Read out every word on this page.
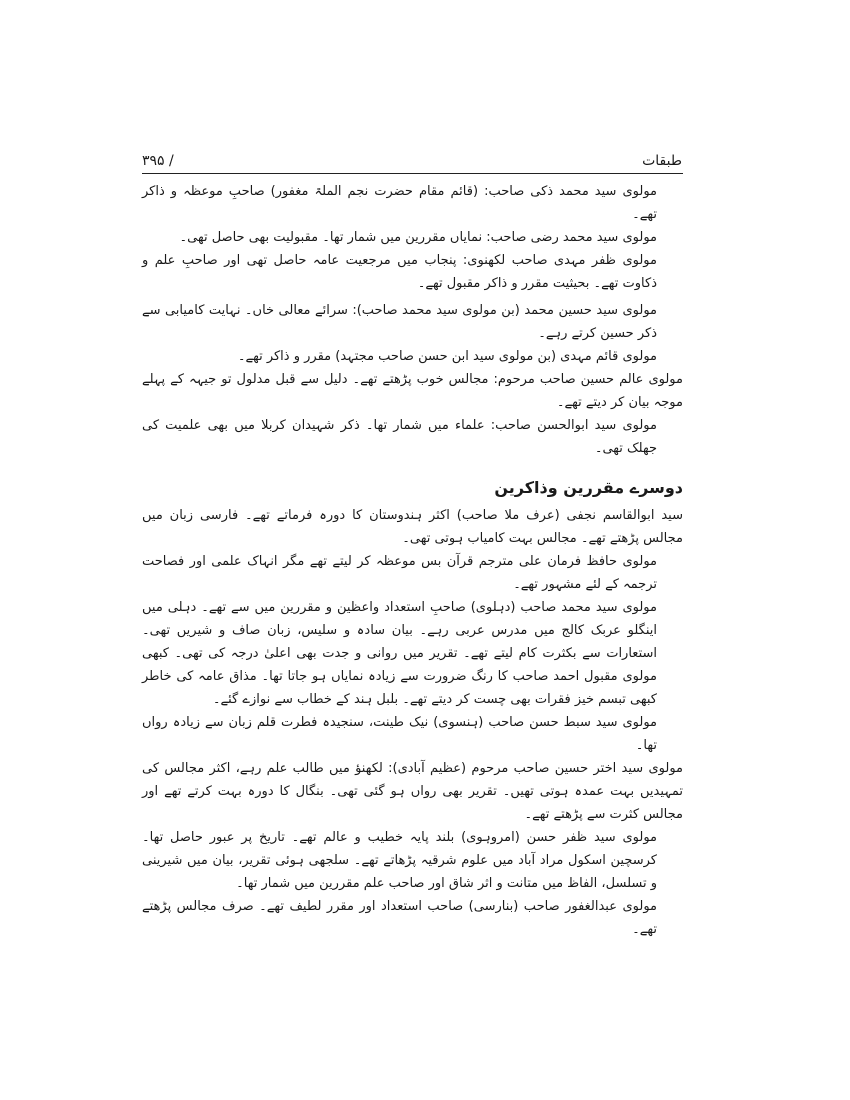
۳۹۵ /	طبقات

مولوی سید محمد ذکی صاحب: (قائم مقام حضرت نجم الملۃ مغفور) صاحبِ موعظہ و ذاکر تھے۔

مولوی سید محمد رضی صاحب: نمایاں مقررین میں شمار تھا۔ مقبولیت بھی حاصل تھی۔

مولوی ظفر مہدی صاحب لکھنوی: پنجاب میں مرجعیت عامہ حاصل تھی اور صاحبِ علم و ذکاوت تھے۔ بحیثیت مقرر و ذاکر مقبول تھے۔

مولوی سید حسین محمد (بن مولوی سید محمد صاحب): سرائے معالی خاں۔ نہایت کامیابی سے ذکر حسین کرتے رہے۔

مولوی قائم مہدی (بن مولوی سید ابن حسن صاحب مجتہد) مقرر و ذاکر تھے۔

مولوی عالم حسین صاحب مرحوم: مجالس خوب پڑھتے تھے۔ دلیل سے قبل مدلول تو جیہہ کے پہلے موجہ بیان کر دیتے تھے۔

مولوی سید ابوالحسن صاحب: علماء میں شمار تھا۔ ذکر شہیدان کربلا میں بھی علمیت کی جھلک تھی۔

دوسرے مقررین وذاکرین

سید ابوالقاسم نجفی (عرف ملا صاحب) اکثر ہندوستان کا دورہ فرماتے تھے۔ فارسی زبان میں مجالس پڑھتے تھے۔ مجالس بہت کامیاب ہوتی تھی۔

مولوی حافظ فرمان علی مترجم قرآن بس موعظہ کر لیتے تھے مگر انہاک علمی اور فصاحت ترجمہ کے لئے مشہور تھے۔

مولوی سید محمد صاحب (دہلوی) صاحبِ استعداد واعظین و مقررین میں سے تھے۔ دہلی میں اینگلو عربک کالج میں مدرس عربی رہے۔ بیان سادہ و سلیس، زبان صاف و شیریں تھی۔ استعارات سے بکثرت کام لیتے تھے۔ تقریر میں روانی و جدت بھی اعلیٰ درجہ کی تھی۔ کبھی مولوی مقبول احمد صاحب کا رنگ ضرورت سے زیادہ نمایاں ہو جاتا تھا۔ مذاق عامہ کی خاطر کبھی تبسم خیز فقرات بھی چست کر دیتے تھے۔ بلبل ہند کے خطاب سے نوازے گئے۔

مولوی سید سبط حسن صاحب (ہنسوی) نیک طینت، سنجیدہ فطرت قلم زبان سے زیادہ رواں تھا۔

مولوی سید اختر حسین صاحب مرحوم (عظیم آبادی): لکھنؤ میں طالب علم رہے، اکثر مجالس کی تمہیدیں بہت عمدہ ہوتی تھیں۔ تقریر بھی رواں ہو گئی تھی۔ بنگال کا دورہ بہت کرتے تھے اور مجالس کثرت سے پڑھتے تھے۔

مولوی سید ظفر حسن (امروہوی) بلند پایہ خطیب و عالم تھے۔ تاریخ پر عبور حاصل تھا۔ کرسچین اسکول مراد آباد میں علوم شرقیہ پڑھاتے تھے۔ سلجھی ہوئی تقریر، بیان میں شیرینی و تسلسل، الفاظ میں متانت و اثر شاق اور صاحب علم مقررین میں شمار تھا۔

مولوی عبدالغفور صاحب (بنارسی) صاحب استعداد اور مقرر لطیف تھے۔ صرف مجالس پڑھتے تھے۔
